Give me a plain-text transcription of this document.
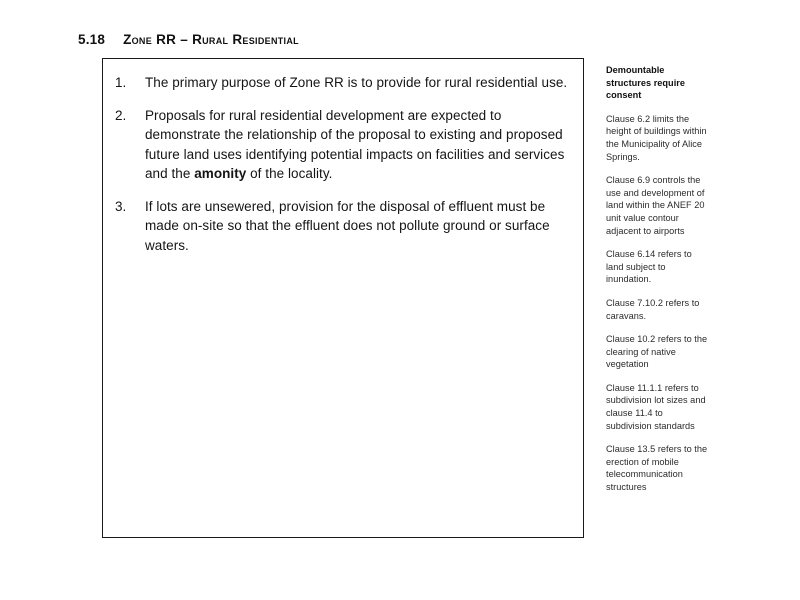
5.18 Zone RR – Rural Residential
1.	The primary purpose of Zone RR is to provide for rural residential use.
2.	Proposals for rural residential development are expected to demonstrate the relationship of the proposal to existing and proposed future land uses identifying potential impacts on facilities and services and the amonity of the locality.
3.	If lots are unsewered, provision for the disposal of effluent must be made on-site so that the effluent does not pollute ground or surface waters.
Demountable structures require consent
Clause 6.2 limits the height of buildings within the Municipality of Alice Springs.
Clause 6.9 controls the use and development of land within the ANEF 20 unit value contour adjacent to airports
Clause 6.14 refers to land subject to inundation.
Clause 7.10.2 refers to caravans.
Clause 10.2 refers to the clearing of native vegetation
Clause 11.1.1 refers to subdivision lot sizes and clause 11.4 to subdivision standards
Clause 13.5 refers to the erection of mobile telecommunication structures
